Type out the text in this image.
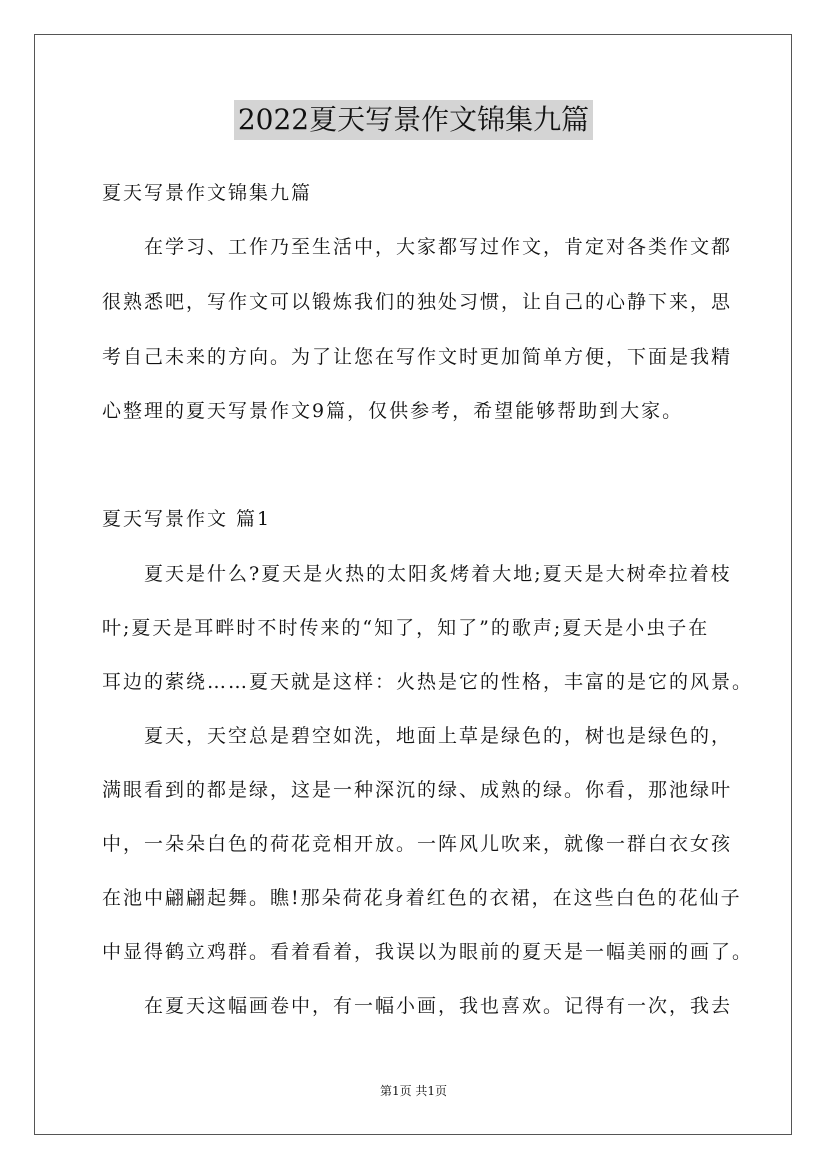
2022夏天写景作文锦集九篇
夏天写景作文锦集九篇
在学习、工作乃至生活中，大家都写过作文，肯定对各类作文都
很熟悉吧，写作文可以锻炼我们的独处习惯，让自己的心静下来，思
考自己未来的方向。为了让您在写作文时更加简单方便，下面是我精
心整理的夏天写景作文9篇，仅供参考，希望能够帮助到大家。
夏天写景作文 篇1
夏天是什么?夏天是火热的太阳炙烤着大地;夏天是大树牵拉着枝
叶;夏天是耳畔时不时传来的“知了，知了”的歌声;夏天是小虫子在
耳边的萦绕……夏天就是这样：火热是它的性格，丰富的是它的风景。
夏天，天空总是碧空如洗，地面上草是绿色的，树也是绿色的，
满眼看到的都是绿，这是一种深沉的绿、成熟的绿。你看，那池绿叶
中，一朵朵白色的荷花竞相开放。一阵风儿吹来，就像一群白衣女孩
在池中翩翩起舞。瞧!那朵荷花身着红色的衣裙，在这些白色的花仙子
中显得鹤立鸡群。看着看着，我误以为眼前的夏天是一幅美丽的画了。
在夏天这幅画卷中，有一幅小画，我也喜欢。记得有一次，我去
第1页 共1页
